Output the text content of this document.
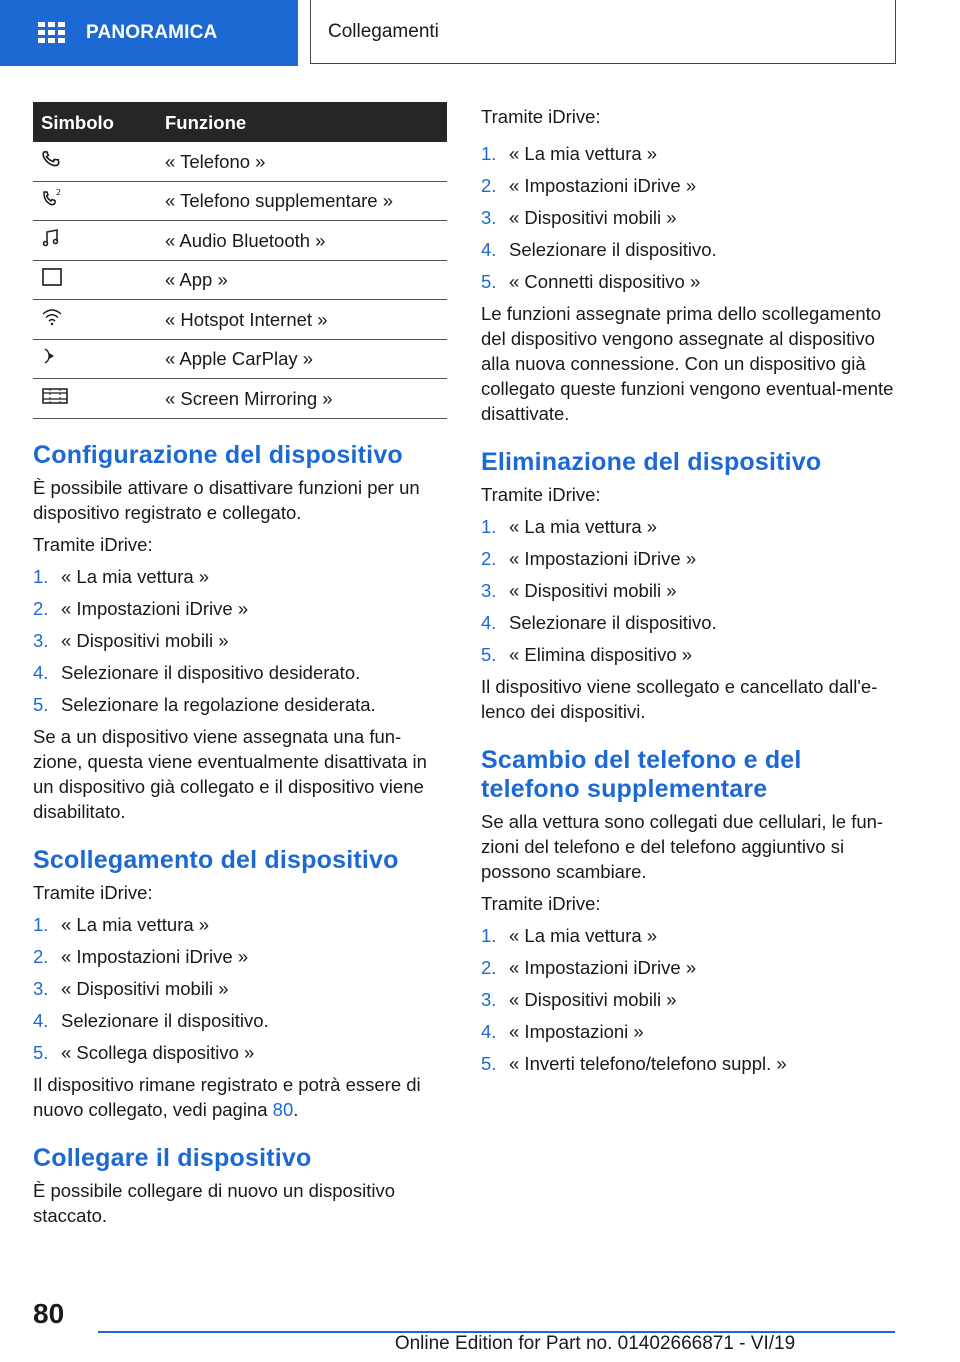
PANORAMICA	Collegamenti
Simbolo	Funzione
	« Telefono »

2	« Telefono supplementare »
	« Audio Bluetooth »
	« App »
	« Hotspot Internet »
	« Apple CarPlay »
	« Screen Mirroring »
Configurazione del dispositivo

È possibile attivare o disattivare funzioni per un dispositivo registrato e collegato.

Tramite iDrive:

1. « La mia vettura »
2. « Impostazioni iDrive »
3. « Dispositivi mobili »
4. Selezionare il dispositivo desiderato.
5. Selezionare la regolazione desiderata.

Se a un dispositivo viene assegnata una fun-zione, questa viene eventualmente disattivata in un dispositivo già collegato e il dispositivo viene disabilitato.

Scollegamento del dispositivo

Tramite iDrive:

1. « La mia vettura »
2. « Impostazioni iDrive »
3. « Dispositivi mobili »
4. Selezionare il dispositivo.
5. « Scollega dispositivo »

Il dispositivo rimane registrato e potrà essere di nuovo collegato, vedi pagina 80.

Collegare il dispositivo

È possibile collegare di nuovo un dispositivo staccato.

Tramite iDrive:

1. « La mia vettura »
2. « Impostazioni iDrive »
3. « Dispositivi mobili »
4. Selezionare il dispositivo.
5. « Connetti dispositivo »

Le funzioni assegnate prima dello scollegamento del dispositivo vengono assegnate al dispositivo alla nuova connessione. Con un dispositivo già collegato queste funzioni vengono eventual-mente disattivate.

Eliminazione del dispositivo

Tramite iDrive:

1. « La mia vettura »
2. « Impostazioni iDrive »
3. « Dispositivi mobili »
4. Selezionare il dispositivo.
5. « Elimina dispositivo »

Il dispositivo viene scollegato e cancellato dall'e-lenco dei dispositivi.

Scambio del telefono e del telefono supplementare

Se alla vettura sono collegati due cellulari, le fun-zioni del telefono e del telefono aggiuntivo si possono scambiare.

Tramite iDrive:

1. « La mia vettura »
2. « Impostazioni iDrive »
3. « Dispositivi mobili »
4. « Impostazioni »
5. « Inverti telefono/telefono suppl. »
80
Online Edition for Part no. 01402666871 - VI/19
